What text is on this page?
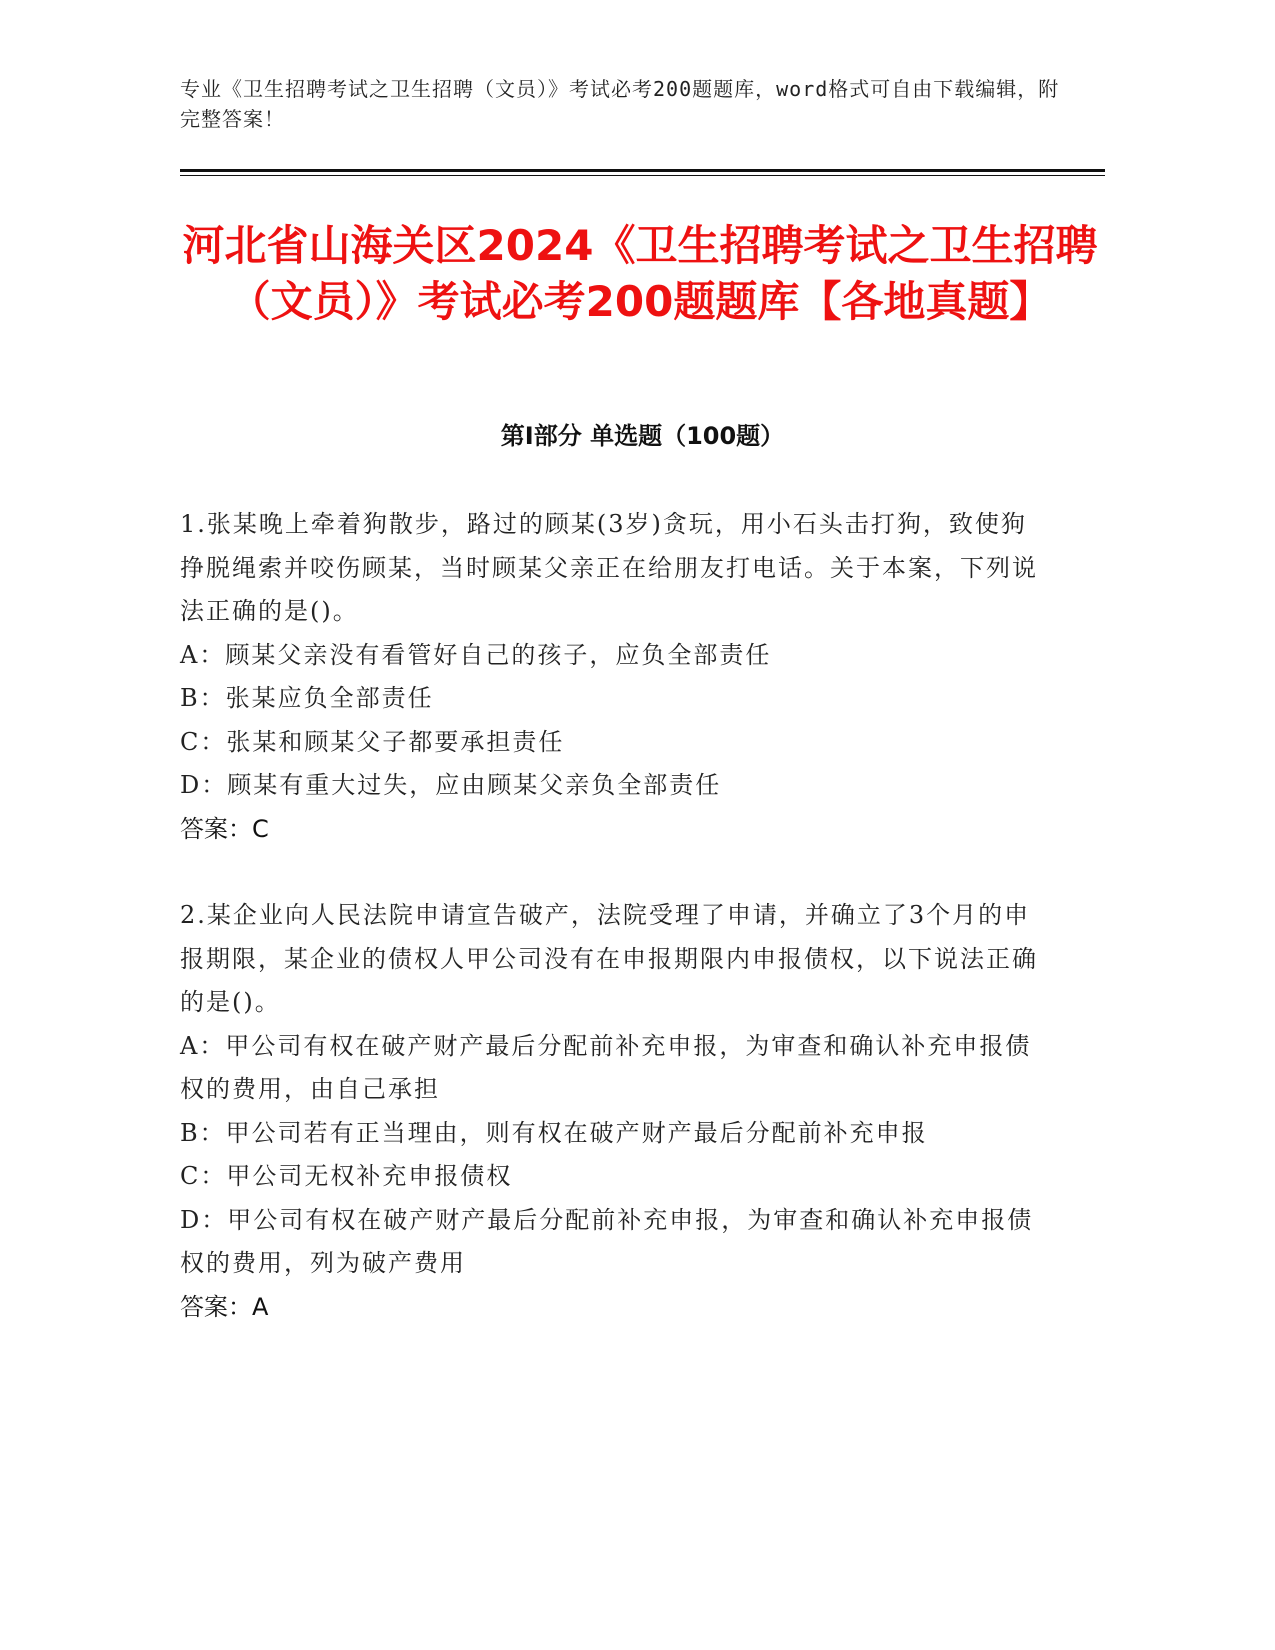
专业《卫生招聘考试之卫生招聘（文员）》考试必考200题题库，word格式可自由下载编辑，附完整答案！
河北省山海关区2024《卫生招聘考试之卫生招聘（文员）》考试必考200题题库【各地真题】
第Ⅰ部分 单选题（100题）

1.张某晚上牵着狗散步，路过的顾某(3岁)贪玩，用小石头击打狗，致使狗挣脱绳索并咬伤顾某，当时顾某父亲正在给朋友打电话。关于本案，下列说法正确的是()。

A：顾某父亲没有看管好自己的孩子，应负全部责任

B：张某应负全部责任

C：张某和顾某父子都要承担责任

D：顾某有重大过失，应由顾某父亲负全部责任

答案：C

2.某企业向人民法院申请宣告破产，法院受理了申请，并确立了3个月的申报期限，某企业的债权人甲公司没有在申报期限内申报债权，以下说法正确的是()。

A：甲公司有权在破产财产最后分配前补充申报，为审查和确认补充申报债权的费用，由自己承担

B：甲公司若有正当理由，则有权在破产财产最后分配前补充申报

C：甲公司无权补充申报债权

D：甲公司有权在破产财产最后分配前补充申报，为审查和确认补充申报债权的费用，列为破产费用

答案：A
